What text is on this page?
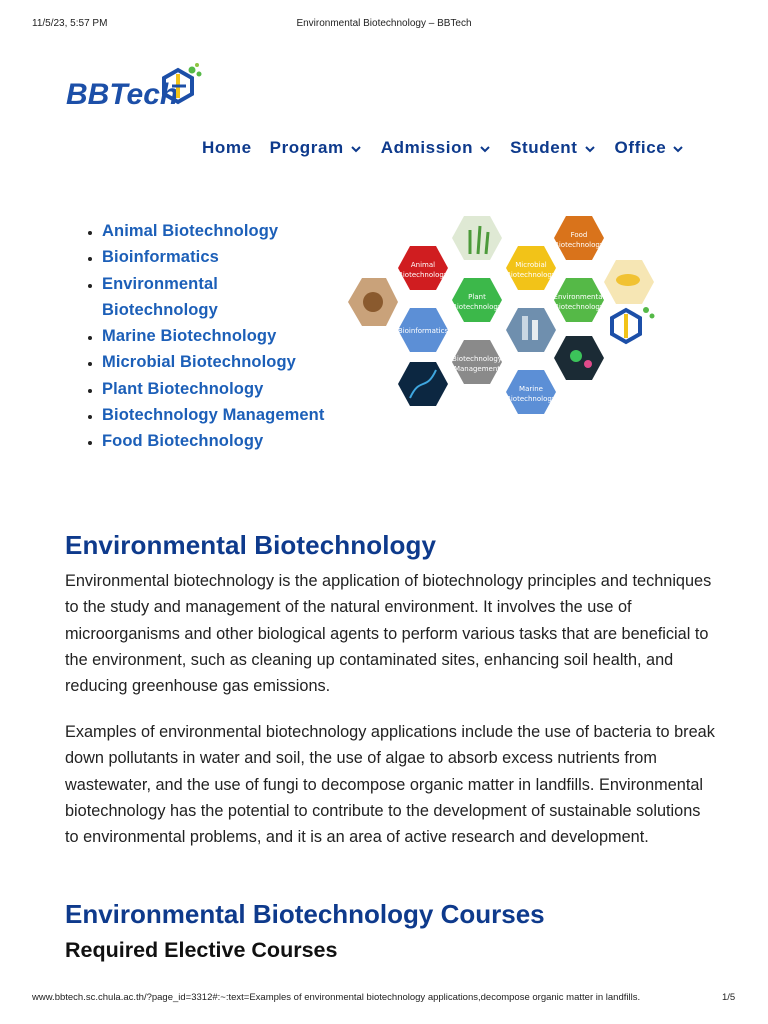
11/5/23, 5:57 PM	Environmental Biotechnology – BBTech
BBTech
Home Program Admission Student Office
• Animal Biotechnology
• Bioinformatics
• Environmental Biotechnology
• Marine Biotechnology
• Microbial Biotechnology
• Plant Biotechnology
• Biotechnology Management
• Food Biotechnology
Animal
Biotechnology
Food
Biotechnology
Microbial
Biotechnology
Plant
Biotechnology
Environmental
Biotechnology
Bioinformatics
Biotechnology
Management
Marine
Biotechnology
Environmental Biotechnology

Environmental biotechnology is the application of biotechnology principles and techniques to the study and management of the natural environment. It involves the use of microorganisms and other biological agents to perform various tasks that are beneficial to the environment, such as cleaning up contaminated sites, enhancing soil health, and reducing greenhouse gas emissions.

Examples of environmental biotechnology applications include the use of bacteria to break down pollutants in water and soil, the use of algae to absorb excess nutrients from wastewater, and the use of fungi to decompose organic matter in landfills. Environmental biotechnology has the potential to contribute to the development of sustainable solutions to environmental problems, and it is an area of active research and development.

Environmental Biotechnology Courses
Required Elective Courses
www.bbtech.sc.chula.ac.th/?page_id=3312#:~:text=Examples of environmental biotechnology applications,decompose organic matter in landfills.	1/5
